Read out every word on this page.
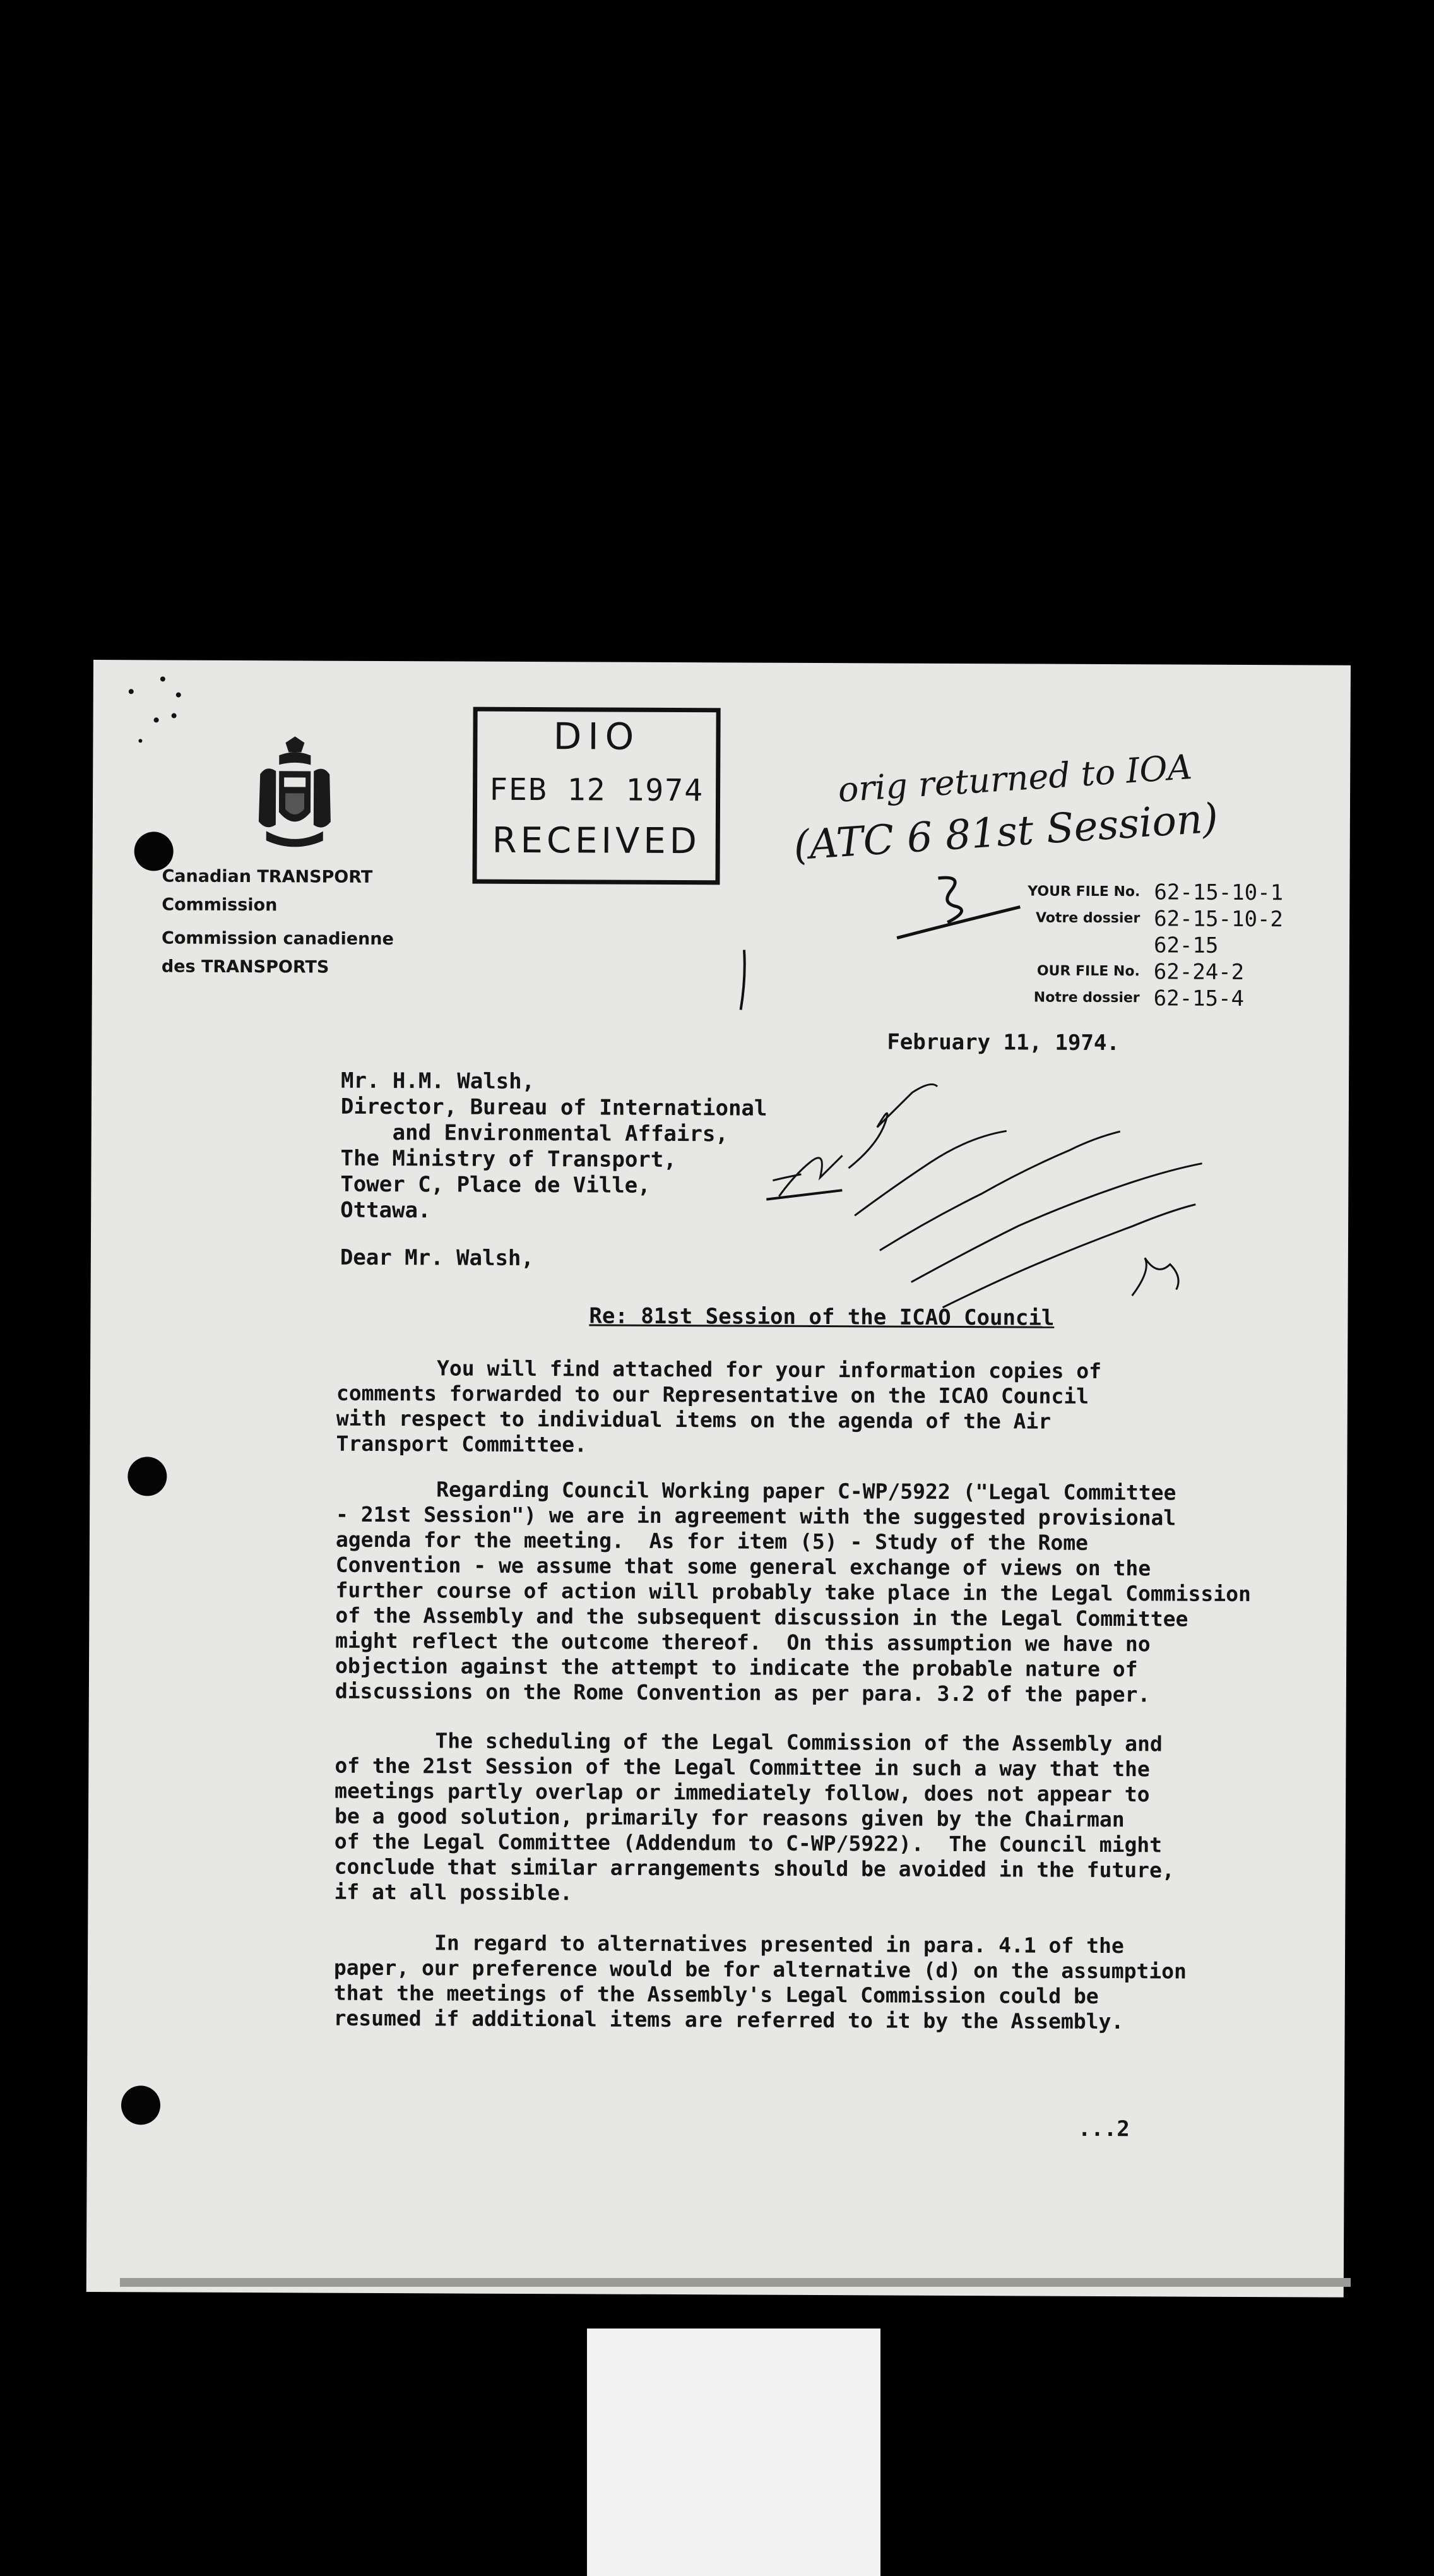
Canadian TRANSPORT
Commission
Commission canadienne
des TRANSPORTS
DIO
FEB 12 1974
RECEIVED
orig returned to IOA
(ATC 6 81st Session)
YOUR FILE No.
Votre dossier
62-15-10-1
62-15-10-2
62-15
OUR FILE No.
Notre dossier
62-24-2
62-15-4
February 11, 1974.
Mr. H.M. Walsh,
Director, Bureau of International
and Environmental Affairs,
The Ministry of Transport,
Tower C, Place de Ville,
Ottawa.
Dear Mr. Walsh,
Re: 81st Session of the ICAO Council
You will find attached for your information copies of
comments forwarded to our Representative on the ICAO Council
with respect to individual items on the agenda of the Air
Transport Committee.
Regarding Council Working paper C-WP/5922 ("Legal Committee
- 21st Session") we are in agreement with the suggested provisional
agenda for the meeting.  As for item (5) - Study of the Rome
Convention - we assume that some general exchange of views on the
further course of action will probably take place in the Legal Commission
of the Assembly and the subsequent discussion in the Legal Committee
might reflect the outcome thereof.  On this assumption we have no
objection against the attempt to indicate the probable nature of
discussions on the Rome Convention as per para. 3.2 of the paper.
The scheduling of the Legal Commission of the Assembly and
of the 21st Session of the Legal Committee in such a way that the
meetings partly overlap or immediately follow, does not appear to
be a good solution, primarily for reasons given by the Chairman
of the Legal Committee (Addendum to C-WP/5922).  The Council might
conclude that similar arrangements should be avoided in the future,
if at all possible.
In regard to alternatives presented in para. 4.1 of the
paper, our preference would be for alternative (d) on the assumption
that the meetings of the Assembly's Legal Commission could be
resumed if additional items are referred to it by the Assembly.
...2
